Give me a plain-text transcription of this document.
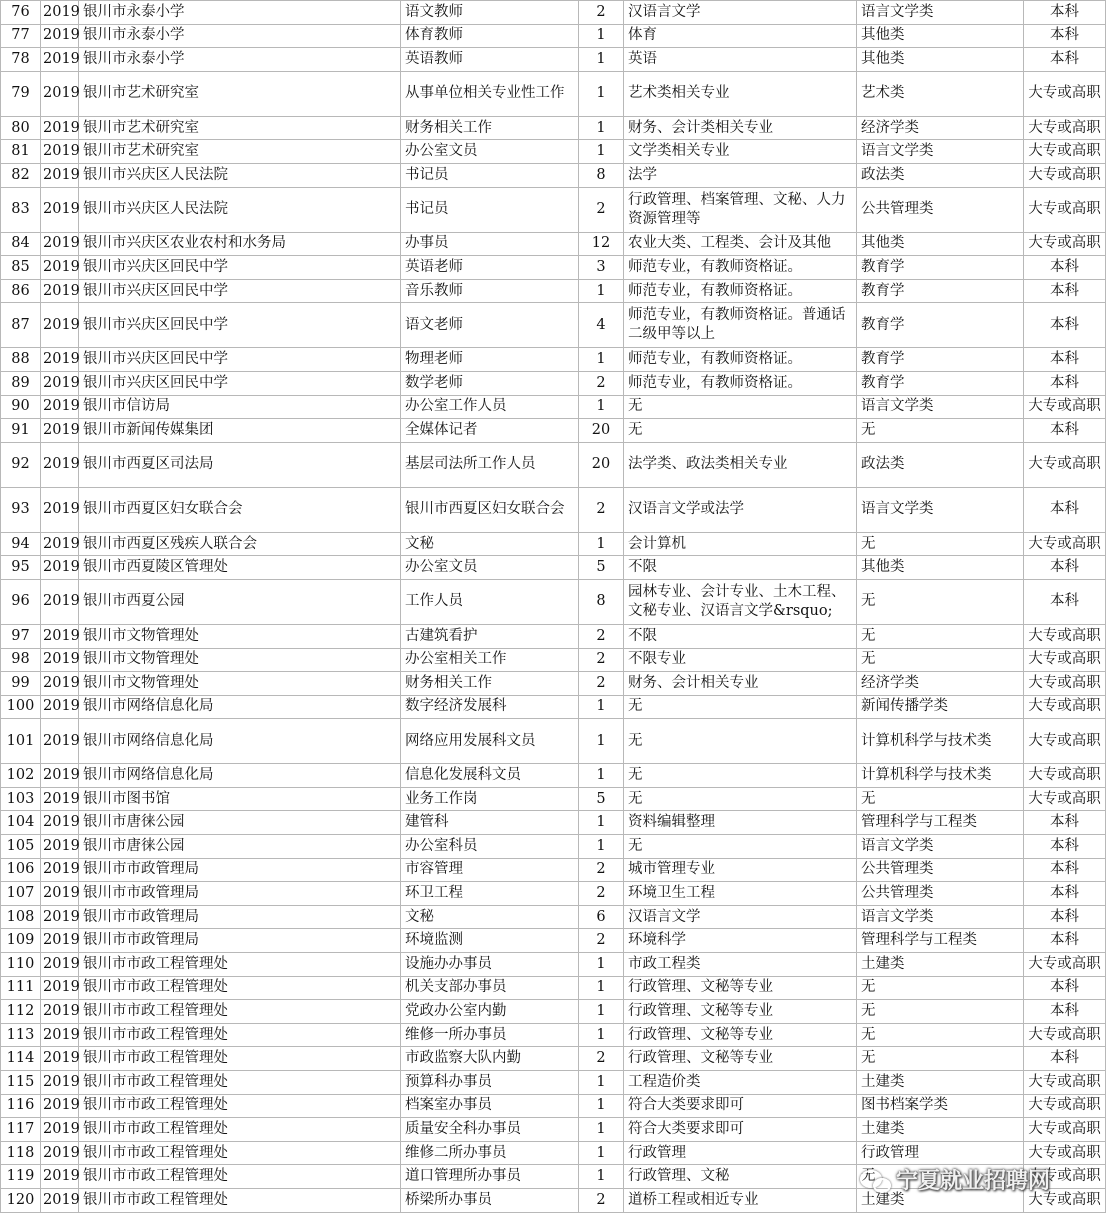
76	2019	银川市永泰小学	语文教师	2	汉语言文学	语言文学类	本科
77	2019	银川市永泰小学	体育教师	1	体育	其他类	本科
78	2019	银川市永泰小学	英语教师	1	英语	其他类	本科
79	2019	银川市艺术研究室	从事单位相关专业性工作	1	艺术类相关专业	艺术类	大专或高职
80	2019	银川市艺术研究室	财务相关工作	1	财务、会计类相关专业	经济学类	大专或高职
81	2019	银川市艺术研究室	办公室文员	1	文学类相关专业	语言文学类	大专或高职
82	2019	银川市兴庆区人民法院	书记员	8	法学	政法类	大专或高职
83	2019	银川市兴庆区人民法院	书记员	2	行政管理、档案管理、文秘、人力资源管理等	公共管理类	大专或高职
84	2019	银川市兴庆区农业农村和水务局	办事员	12	农业大类、工程类、会计及其他	其他类	大专或高职
85	2019	银川市兴庆区回民中学	英语老师	3	师范专业，有教师资格证。	教育学	本科
86	2019	银川市兴庆区回民中学	音乐教师	1	师范专业，有教师资格证。	教育学	本科
87	2019	银川市兴庆区回民中学	语文老师	4	师范专业，有教师资格证。普通话二级甲等以上	教育学	本科
88	2019	银川市兴庆区回民中学	物理老师	1	师范专业，有教师资格证。	教育学	本科
89	2019	银川市兴庆区回民中学	数学老师	2	师范专业，有教师资格证。	教育学	本科
90	2019	银川市信访局	办公室工作人员	1	无	语言文学类	大专或高职
91	2019	银川市新闻传媒集团	全媒体记者	20	无	无	本科
92	2019	银川市西夏区司法局	基层司法所工作人员	20	法学类、政法类相关专业	政法类	大专或高职
93	2019	银川市西夏区妇女联合会	银川市西夏区妇女联合会	2	汉语言文学或法学	语言文学类	本科
94	2019	银川市西夏区残疾人联合会	文秘	1	会计算机	无	大专或高职
95	2019	银川市西夏陵区管理处	办公室文员	5	不限	其他类	本科
96	2019	银川市西夏公园	工作人员	8	园林专业、会计专业、土木工程、文秘专业、汉语言文学&rsquo;	无	本科
97	2019	银川市文物管理处	古建筑看护	2	不限	无	大专或高职
98	2019	银川市文物管理处	办公室相关工作	2	不限专业	无	大专或高职
99	2019	银川市文物管理处	财务相关工作	2	财务、会计相关专业	经济学类	大专或高职
100	2019	银川市网络信息化局	数字经济发展科	1	无	新闻传播学类	大专或高职
101	2019	银川市网络信息化局	网络应用发展科文员	1	无	计算机科学与技术类	大专或高职
102	2019	银川市网络信息化局	信息化发展科文员	1	无	计算机科学与技术类	大专或高职
103	2019	银川市图书馆	业务工作岗	5	无	无	大专或高职
104	2019	银川市唐徕公园	建管科	1	资料编辑整理	管理科学与工程类	本科
105	2019	银川市唐徕公园	办公室科员	1	无	语言文学类	本科
106	2019	银川市市政管理局	市容管理	2	城市管理专业	公共管理类	本科
107	2019	银川市市政管理局	环卫工程	2	环境卫生工程	公共管理类	本科
108	2019	银川市市政管理局	文秘	6	汉语言文学	语言文学类	本科
109	2019	银川市市政管理局	环境监测	2	环境科学	管理科学与工程类	本科
110	2019	银川市市政工程管理处	设施办办事员	1	市政工程类	土建类	大专或高职
111	2019	银川市市政工程管理处	机关支部办事员	1	行政管理、文秘等专业	无	本科
112	2019	银川市市政工程管理处	党政办公室内勤	1	行政管理、文秘等专业	无	本科
113	2019	银川市市政工程管理处	维修一所办事员	1	行政管理、文秘等专业	无	大专或高职
114	2019	银川市市政工程管理处	市政监察大队内勤	2	行政管理、文秘等专业	无	本科
115	2019	银川市市政工程管理处	预算科办事员	1	工程造价类	土建类	大专或高职
116	2019	银川市市政工程管理处	档案室办事员	1	符合大类要求即可	图书档案学类	大专或高职
117	2019	银川市市政工程管理处	质量安全科办事员	1	符合大类要求即可	土建类	大专或高职
118	2019	银川市市政工程管理处	维修二所办事员	1	行政管理	行政管理	大专或高职
119	2019	银川市市政工程管理处	道口管理所办事员	1	行政管理、文秘	无	大专或高职
120	2019	银川市市政工程管理处	桥梁所办事员	2	道桥工程或相近专业	土建类	大专或高职
宁夏就业招聘网
